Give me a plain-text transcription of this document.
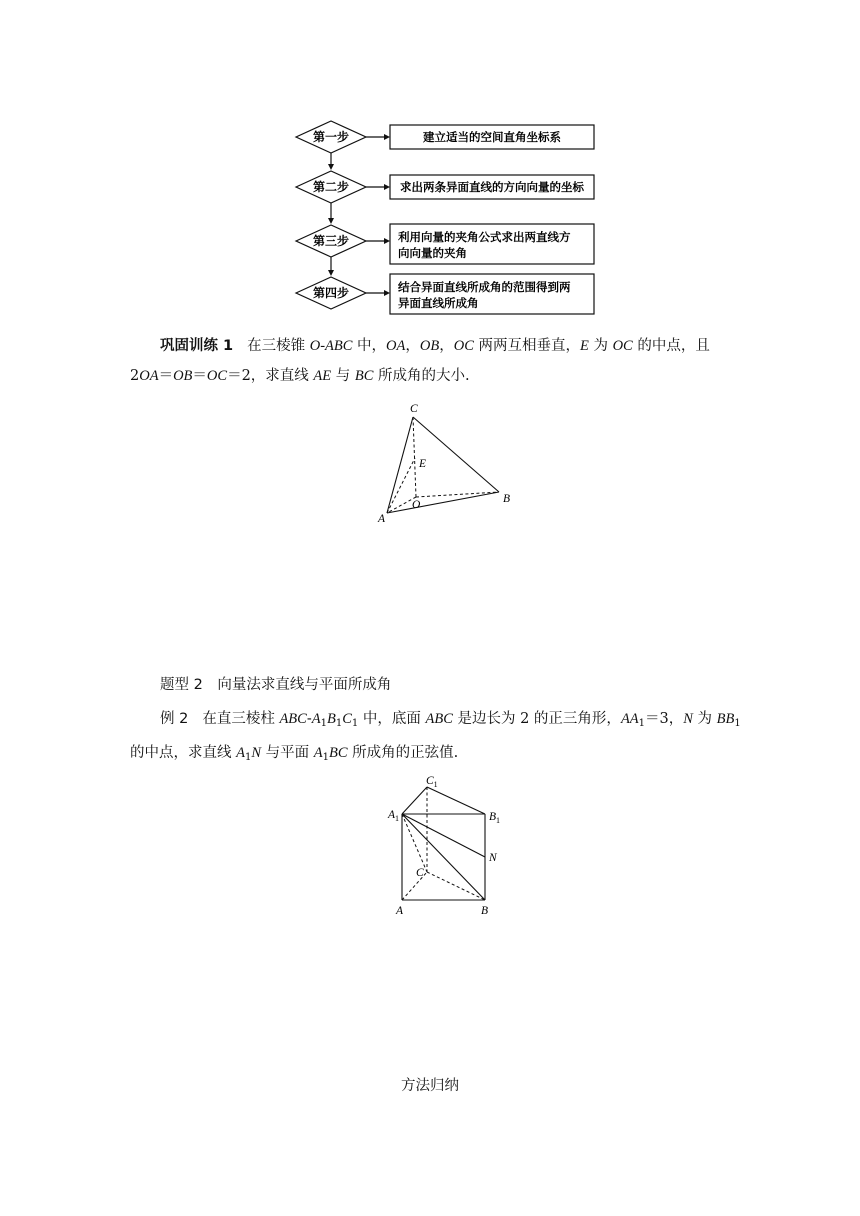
第一步
第二步
第三步
第四步
建立适当的空间直角坐标系
求出两条异面直线的方向向量的坐标
利用向量的夹角公式求出两直线方
向向量的夹角
结合异面直线所成角的范围得到两
异面直线所成角
巩固训练 1 在三棱锥 O-ABC 中，OA，OB，OC 两两互相垂直，E 为 OC 的中点，且
2OA＝OB＝OC＝2，求直线 AE 与 BC 所成角的大小.
C
E
O
A
B
题型 2　向量法求直线与平面所成角
例 2 在直三棱柱 ABC-$A_1B_1C_1$ 中，底面 ABC 是边长为 2 的正三角形，$AA_1=3$，N 为 $BB_1$
的中点，求直线 $A_1N$ 与平面 $A_1BC$ 所成角的正弦值.
$C_1$
$A_1$	$B_1$
N
C
A	B
方法归纳
